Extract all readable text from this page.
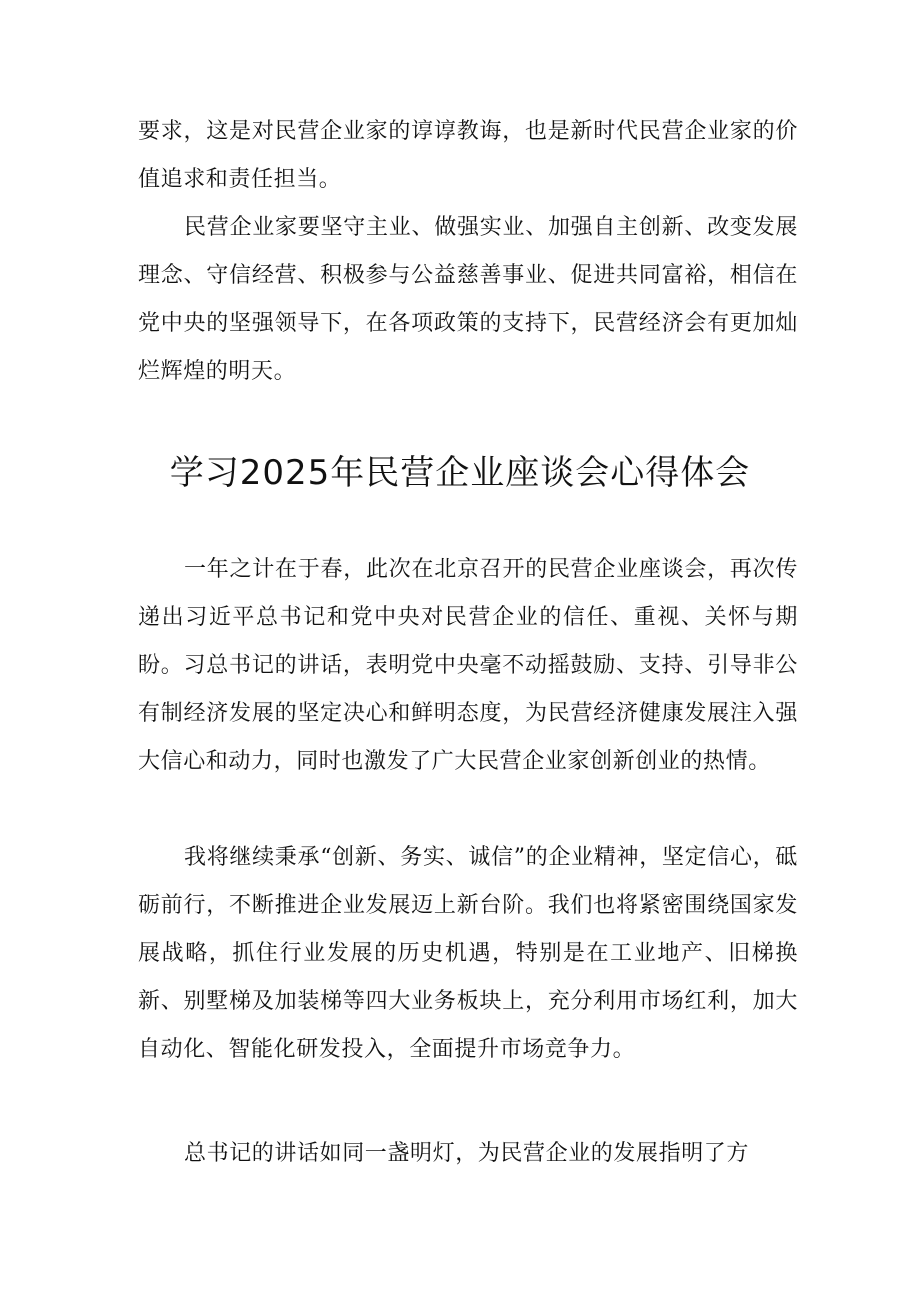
要求，这是对民营企业家的谆谆教诲，也是新时代民营企业家的价值追求和责任担当。

民营企业家要坚守主业、做强实业、加强自主创新、改变发展理念、守信经营、积极参与公益慈善事业、促进共同富裕，相信在党中央的坚强领导下，在各项政策的支持下，民营经济会有更加灿烂辉煌的明天。

学习2025年民营企业座谈会心得体会

一年之计在于春，此次在北京召开的民营企业座谈会，再次传递出习近平总书记和党中央对民营企业的信任、重视、关怀与期盼。习总书记的讲话，表明党中央毫不动摇鼓励、支持、引导非公有制经济发展的坚定决心和鲜明态度，为民营经济健康发展注入强大信心和动力，同时也激发了广大民营企业家创新创业的热情。

我将继续秉承“创新、务实、诚信”的企业精神，坚定信心，砥砺前行，不断推进企业发展迈上新台阶。我们也将紧密围绕国家发展战略，抓住行业发展的历史机遇，特别是在工业地产、旧梯换新、别墅梯及加装梯等四大业务板块上，充分利用市场红利，加大自动化、智能化研发投入，全面提升市场竞争力。

总书记的讲话如同一盏明灯，为民营企业的发展指明了方
